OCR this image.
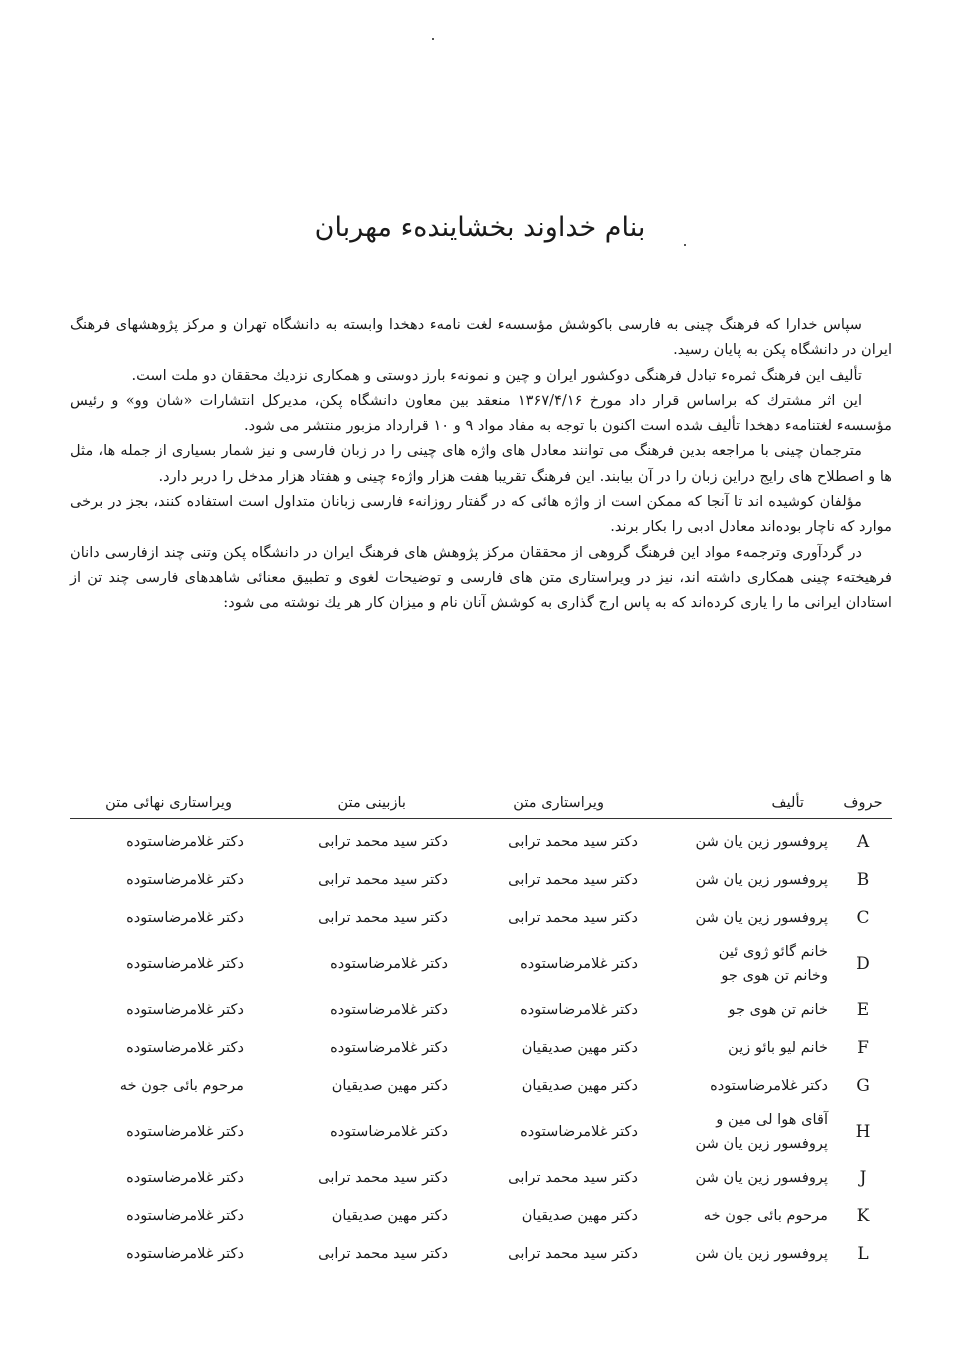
بنام خداوند بخشایندهء مهربان

سپاس خدارا که فرهنگ چینی به فارسی باکوشش مؤسسهء لغت نامهء دهخدا وابسته به دانشگاه تهران و مرکز پژوهشهای فرهنگ ایران در دانشگاه پکن به پایان رسید.

تألیف این فرهنگ ثمرهء تبادل فرهنگی دوکشور ایران و چین و نمونهء بارز دوستی و همکاری نزدیك محققان دو ملت است.

این اثر مشترك که براساس قرار داد مورخ ۱۳۶۷/۴/۱۶ منعقد بین معاون دانشگاه پکن، مدیرکل انتشارات «شان وو» و رئیس مؤسسهء لغتنامهء دهخدا تألیف شده است اکنون با توجه به مفاد مواد ۹ و ۱۰ قرارداد مزبور منتشر می شود.

مترجمان چینی با مراجعه بدین فرهنگ می توانند معادل های واژه های چینی را در زبان فارسی و نیز شمار بسیاری از جمله ها، مثل ها و اصطلاح های رایج دراین زبان را در آن بیابند. این فرهنگ تقریبا هفت هزار واژهء چینی و هفتاد هزار مدخل را دربر دارد.

مؤلفان کوشیده اند تا آنجا که ممکن است از واژه هائی که در گفتار روزانهء فارسی زبانان متداول است استفاده کنند، بجز در برخی موارد که ناچار بوده‌اند معادل ادبی را بکار برند.

در گردآوری وترجمهء مواد این فرهنگ گروهی از محققان مرکز پژوهش های فرهنگ ایران در دانشگاه پکن وتنی چند ازفارسی دانان فرهیختهء چینی همکاری داشته اند، نیز در ویراستاری متن های فارسی و توضیحات لغوی و تطبیق معنائی شاهدهای فارسی چند تن از استادان ایرانی ما را یاری کرده‌اند که به پاس ارج گذاری به کوشش آنان نام و میزان کار هر یك نوشته می شود:

حروف
تألیف
ویراستاری متن
بازبینی متن
ویراستاری نهائی متن
A
پروفسور زین یان شن
دکتر سید محمد ترابی
دکتر سید محمد ترابی
دکتر غلامرضاستوده
B
پروفسور زین یان شن
دکتر سید محمد ترابی
دکتر سید محمد ترابی
دکتر غلامرضاستوده
C
پروفسور زین یان شن
دکتر سید محمد ترابی
دکتر سید محمد ترابی
دکتر غلامرضاستوده
D
خانم گائو ژوی ئین
وخانم تن هوی جو
دکتر غلامرضاستوده
دکتر غلامرضاستوده
دکتر غلامرضاستوده
E
خانم تن هوی جو
دکتر غلامرضاستوده
دکتر غلامرضاستوده
دکتر غلامرضاستوده
F
خانم لیو بائو زین
دکتر مهین صدیقیان
دکتر غلامرضاستوده
دکتر غلامرضاستوده
G
دکتر غلامرضاستوده
دکتر مهین صدیقیان
دکتر مهین صدیقیان
مرحوم بائی جون خه
H
آقای هوا لی مین و
پروفسور زین یان شن
دکتر غلامرضاستوده
دکتر غلامرضاستوده
دکتر غلامرضاستوده
J
پروفسور زین یان شن
دکتر سید محمد ترابی
دکتر سید محمد ترابی
دکتر غلامرضاستوده
K
مرحوم بائی جون خه
دکتر مهین صدیقیان
دکتر مهین صدیقیان
دکتر غلامرضاستوده
L
پروفسور زین یان شن
دکتر سید محمد ترابی
دکتر سید محمد ترابی
دکتر غلامرضاستوده
